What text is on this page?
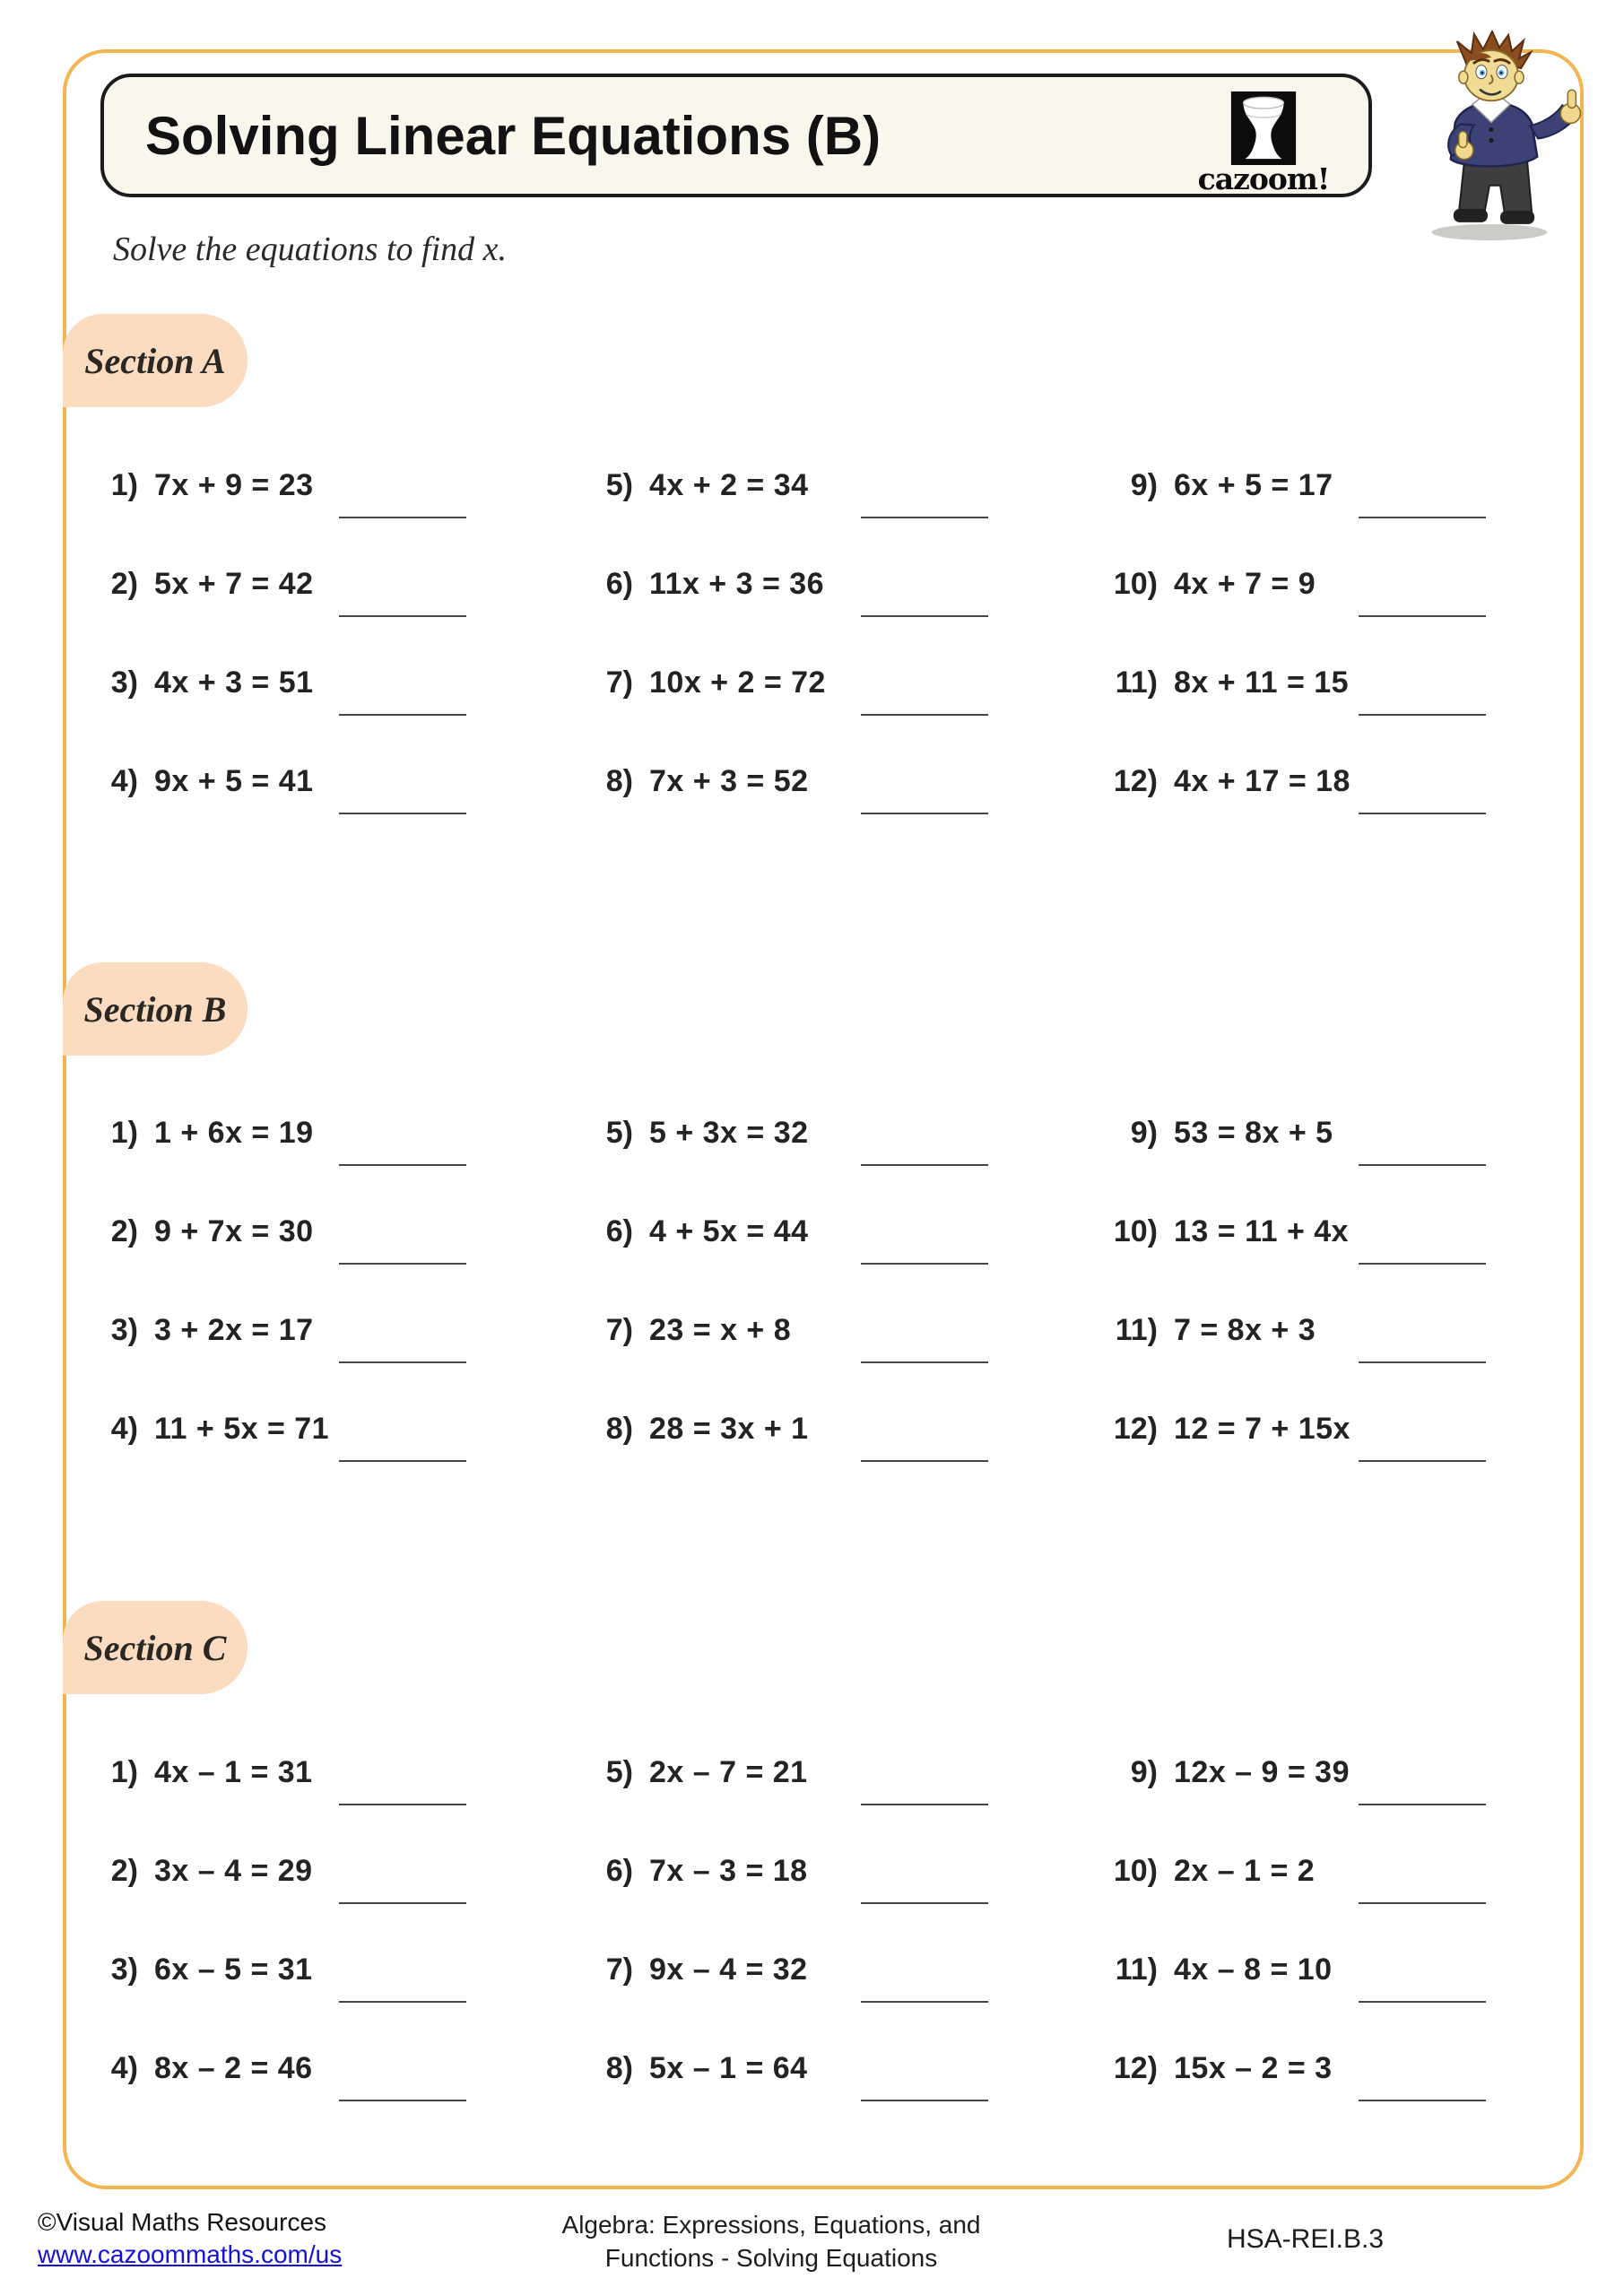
Solving Linear Equations (B)
cazoom!
Solve the equations to find x.
Section A
1) 7x + 9 = 23
2) 5x + 7 = 42
3) 4x + 3 = 51
4) 9x + 5 = 41
5) 4x + 2 = 34
6) 11x + 3 = 36
7) 10x + 2 = 72
8) 7x + 3 = 52
9) 6x + 5 = 17
10) 4x + 7 = 9
11) 8x + 11 = 15
12) 4x + 17 = 18
Section B
1) 1 + 6x = 19
2) 9 + 7x = 30
3) 3 + 2x = 17
4) 11 + 5x = 71
5) 5 + 3x = 32
6) 4 + 5x = 44
7) 23 = x + 8
8) 28 = 3x + 1
9) 53 = 8x + 5
10) 13 = 11 + 4x
11) 7 = 8x + 3
12) 12 = 7 + 15x
Section C
1) 4x – 1 = 31
2) 3x – 4 = 29
3) 6x – 5 = 31
4) 8x – 2 = 46
5) 2x – 7 = 21
6) 7x – 3 = 18
7) 9x – 4 = 32
8) 5x – 1 = 64
9) 12x – 9 = 39
10) 2x – 1 = 2
11) 4x – 8 = 10
12) 15x – 2 = 3
©Visual Maths Resources
www.cazoommaths.com/us
Algebra: Expressions, Equations, and
Functions - Solving Equations
HSA-REI.B.3
